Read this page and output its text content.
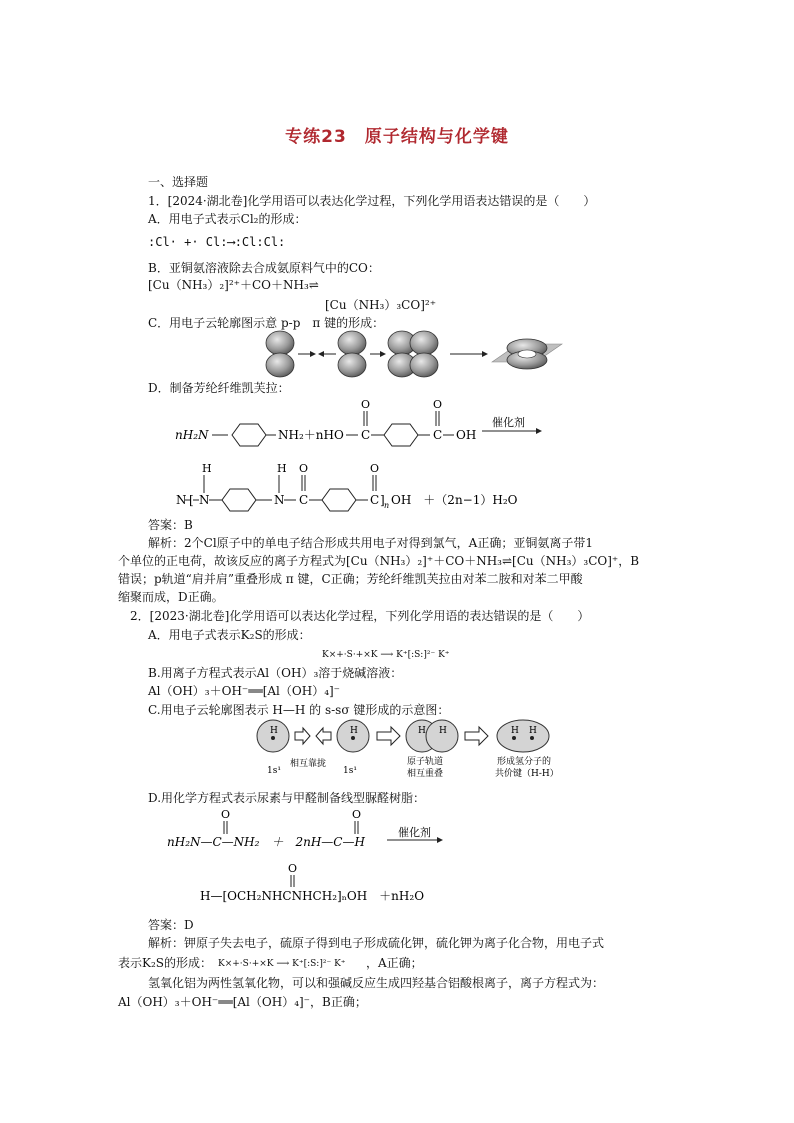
专练23　原子结构与化学键
一、选择题
1．[2024·湖北卷]化学用语可以表达化学过程，下列化学用语表达错误的是（　　）
A．用电子式表示Cl₂的形成：
:Cl· +· Cl:⟶:Cl:Cl:
B．亚铜氨溶液除去合成氨原料气中的CO：
[Cu（NH₃）₂]²⁺＋CO＋NH₃⇌
[Cu（NH₃）₃CO]²⁺
C．用电子云轮廓图示意 p-p　π 键的形成：
D．制备芳纶纤维凯芙拉：
nH₂N	NH₂＋nHO C
O
C
O
OH
催化剂
N [ N
H
N
H
C
O
C
O
] n OH　＋（2n−1）H₂O
答案：B
解析：2个Cl原子中的单电子结合形成共用电子对得到氯气，A正确；亚铜氨离子带1
个单位的正电荷，故该反应的离子方程式为[Cu（NH₃）₂]⁺＋CO＋NH₃⇌[Cu（NH₃）₃CO]⁺，B
错误；p轨道“肩并肩”重叠形成 π 键，C正确；芳纶纤维凯芙拉由对苯二胺和对苯二甲酸
缩聚而成，D正确。
2．[2023·湖北卷]化学用语可以表达化学过程，下列化学用语的表达错误的是（　　）
A．用电子式表示K₂S的形成：
K⨯+·S·+⨯K ⟶ K⁺[:S:]²⁻ K⁺
B.用离子方程式表示Al（OH）₃溶于烧碱溶液：
Al（OH）₃＋OH⁻══[Al（OH）₄]⁻
C.用电子云轮廓图表示 H—H 的 s-sσ 键形成的示意图：
H
1s¹
相互靠拢
H
1s¹
H H
原子轨道
相互重叠
H H
形成氢分子的
共价键（H-H）
D.用化学方程式表示尿素与甲醛制备线型脲醛树脂：
O	O
nH₂N—C—NH₂　＋　2nH—C—H
催化剂
O
H—[OCH₂NHCNHCH₂]ₙOH　＋nH₂O
答案：D
解析：钾原子失去电子，硫原子得到电子形成硫化钾，硫化钾为离子化合物，用电子式
表示K₂S的形成： K⨯+·S·+⨯K ⟶ K⁺[:S:]²⁻ K⁺ ，A正确；
氢氧化铝为两性氢氧化物，可以和强碱反应生成四羟基合铝酸根离子，离子方程式为：
Al（OH）₃＋OH⁻══[Al（OH）₄]⁻，B正确；
